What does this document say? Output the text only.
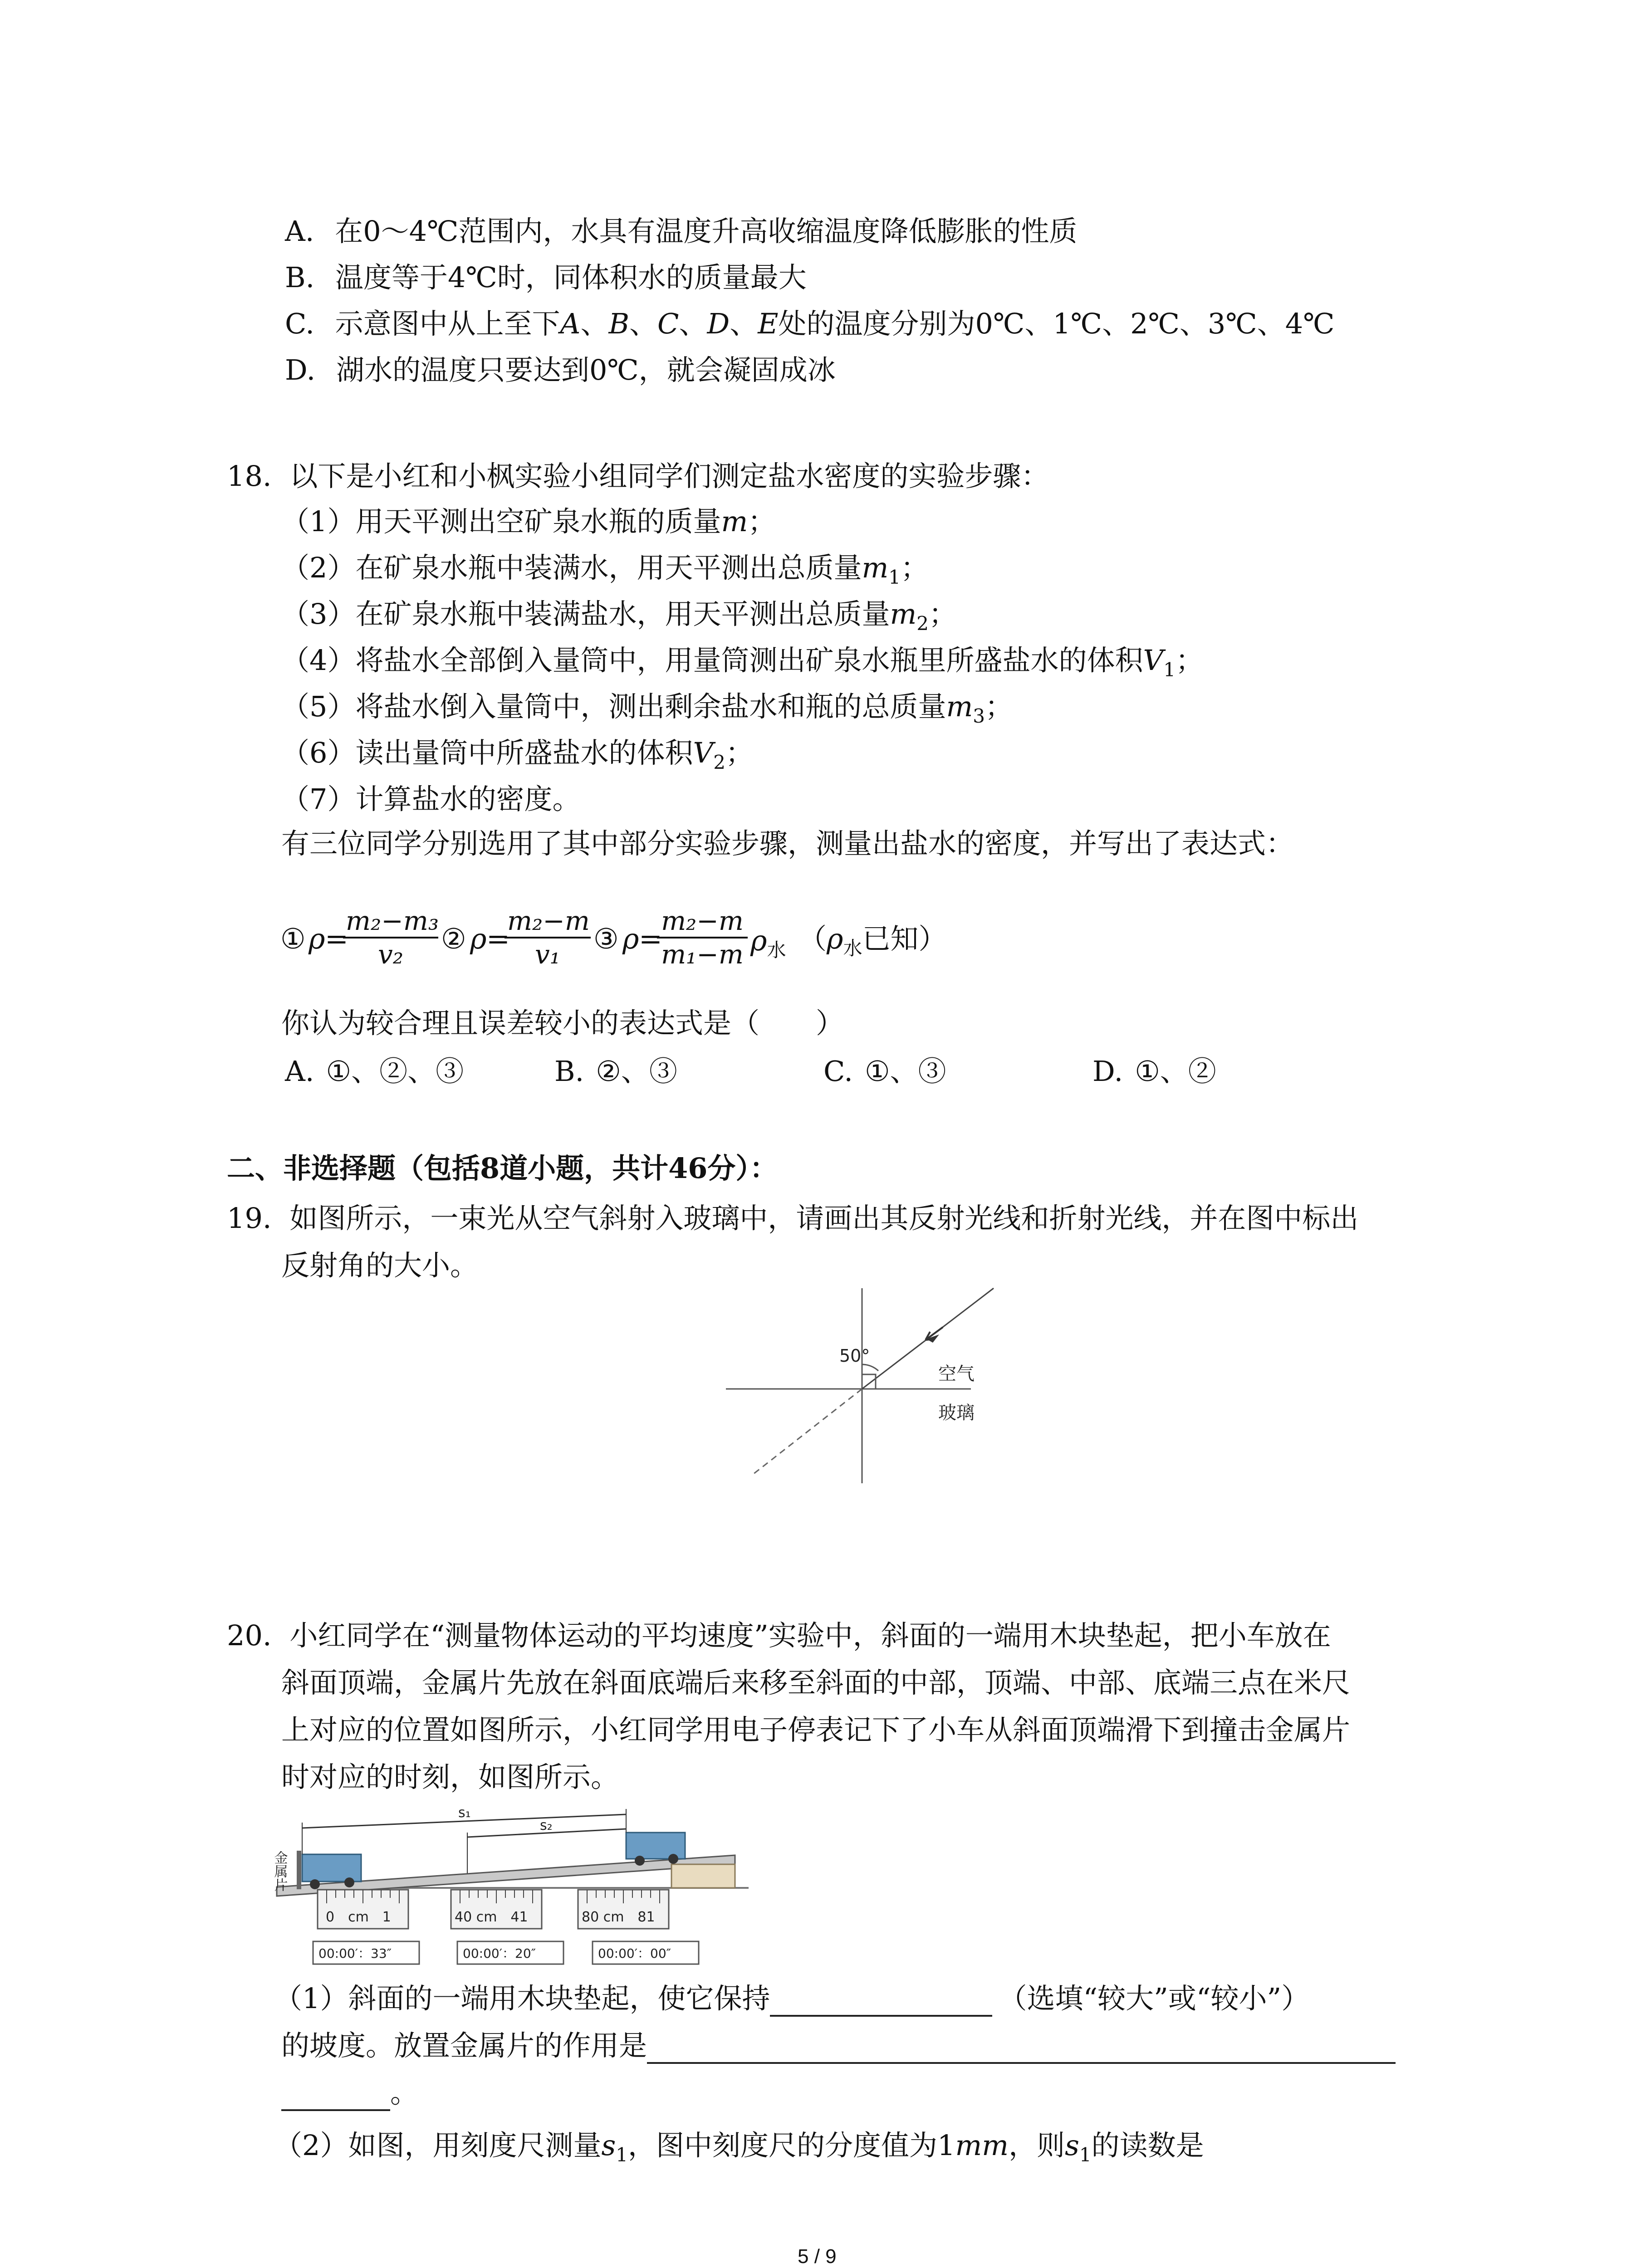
A. 在0～4℃范围内，水具有温度升高收缩温度降低膨胀的性质
B. 温度等于4℃时，同体积水的质量最大
C. 示意图中从上至下A、B、C、D、E处的温度分别为0℃、1℃、2℃、3℃、4℃
D. 湖水的温度只要达到0℃，就会凝固成冰
18. 以下是小红和小枫实验小组同学们测定盐水密度的实验步骤：
（1）用天平测出空矿泉水瓶的质量m；
（2）在矿泉水瓶中装满水，用天平测出总质量$m_1$；
（3）在矿泉水瓶中装满盐水，用天平测出总质量$m_2$；
（4）将盐水全部倒入量筒中，用量筒测出矿泉水瓶里所盛盐水的体积$V_1$；
（5）将盐水倒入量筒中，测出剩余盐水和瓶的总质量$m_3$；
（6）读出量筒中所盛盐水的体积$V_2$；
（7）计算盐水的密度。
有三位同学分别选用了其中部分实验步骤，测量出盐水的密度，并写出了表达式：
① ρ =
$\frac{\text{m₂−m₃}}{\text{v₂}}$ ② ρ =
$\frac{\text{m₂−m}}{\text{v₁}}$ ③ ρ =
$\frac{\text{m₂−m}}{\text{m₁−m}} \rho_水$ （$\rho_水$已知）
你认为较合理且误差较小的表达式是（　　）
A. ①、②、③	B. ②、③	C. ①、③	D. ①、②
二、非选择题（包括8道小题，共计46分）：
19. 如图所示，一束光从空气斜射入玻璃中，请画出其反射光线和折射光线，并在图中标出
反射角的大小。
50°
空气
玻璃
20. 小红同学在“测量物体运动的平均速度”实验中，斜面的一端用木块垫起，把小车放在
斜面顶端，金属片先放在斜面底端后来移至斜面的中部，顶端、中部、底端三点在米尺
上对应的位置如图所示，小红同学用电子停表记下了小车从斜面顶端滑下到撞击金属片
时对应的时刻，如图所示。
金属片
s₁
s₂
0　cm　1	40 cm　41	80 cm　81
00:00′：33″	00:00′：20″	00:00′：00″
（1）斜面的一端用木块垫起，使它保持	（选填“较大”或“较小”）
的坡度。放置金属片的作用是
。
（2）如图，用刻度尺测量$s_1$，图中刻度尺的分度值为1mm，则$s_1$的读数是
5 / 9
